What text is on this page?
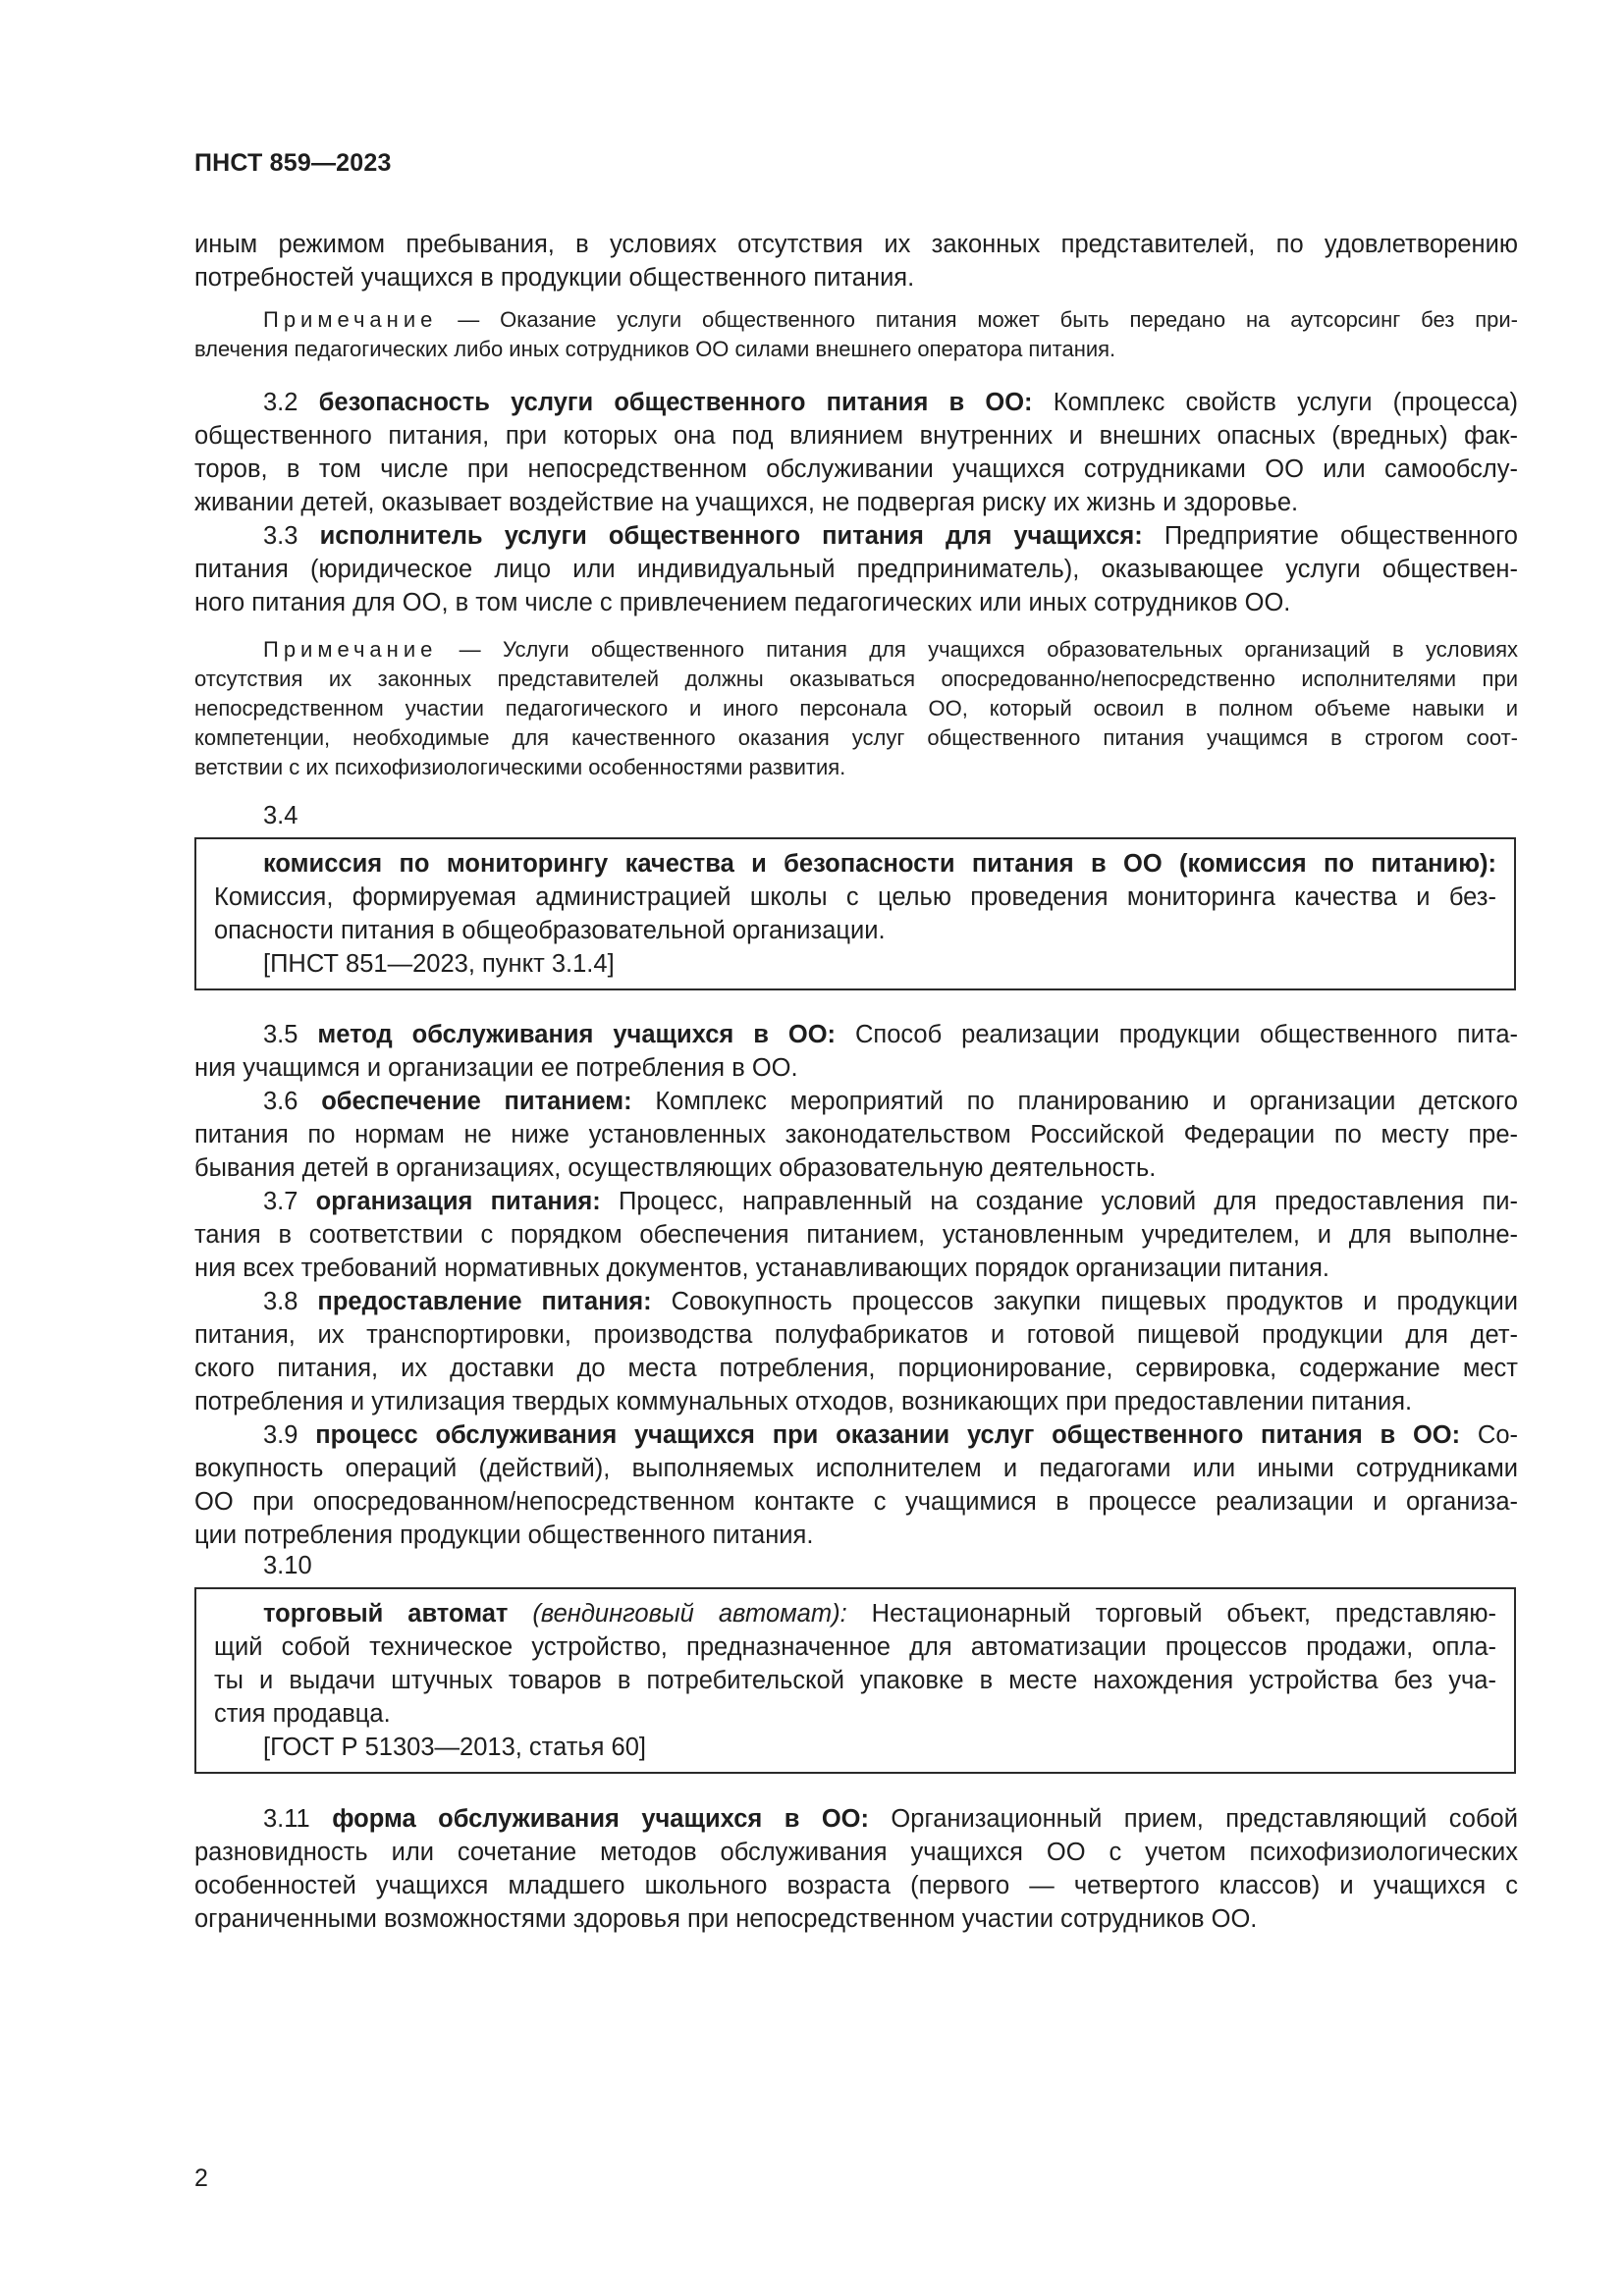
ПНСТ 859—2023
иным режимом пребывания, в условиях отсутствия их законных представителей, по удовлетворению
потребностей учащихся в продукции общественного питания.
Примечание — Оказание услуги общественного питания может быть передано на аутсорсинг без при-
влечения педагогических либо иных сотрудников ОО силами внешнего оператора питания.
3.2 безопасность услуги общественного питания в ОО: Комплекс свойств услуги (процесса)
общественного питания, при которых она под влиянием внутренних и внешних опасных (вредных) фак-
торов, в том числе при непосредственном обслуживании учащихся сотрудниками ОО или самообслу-
живании детей, оказывает воздействие на учащихся, не подвергая риску их жизнь и здоровье.
3.3 исполнитель услуги общественного питания для учащихся: Предприятие общественного
питания (юридическое лицо или индивидуальный предприниматель), оказывающее услуги обществен-
ного питания для ОО, в том числе с привлечением педагогических или иных сотрудников ОО.
Примечание — Услуги общественного питания для учащихся образовательных организаций в условиях
отсутствия их законных представителей должны оказываться опосредованно/непосредственно исполнителями при
непосредственном участии педагогического и иного персонала ОО, который освоил в полном объеме навыки и
компетенции, необходимые для качественного оказания услуг общественного питания учащимся в строгом соот-
ветствии с их психофизиологическими особенностями развития.
3.4
комиссия по мониторингу качества и безопасности питания в ОО (комиссия по питанию):
Комиссия, формируемая администрацией школы с целью проведения мониторинга качества и без-
опасности питания в общеобразовательной организации.
[ПНСТ 851—2023, пункт 3.1.4]
3.5 метод обслуживания учащихся в ОО: Способ реализации продукции общественного пита-
ния учащимся и организации ее потребления в ОО.
3.6 обеспечение питанием: Комплекс мероприятий по планированию и организации детского
питания по нормам не ниже установленных законодательством Российской Федерации по месту пре-
бывания детей в организациях, осуществляющих образовательную деятельность.
3.7 организация питания: Процесс, направленный на создание условий для предоставления пи-
тания в соответствии с порядком обеспечения питанием, установленным учредителем, и для выполне-
ния всех требований нормативных документов, устанавливающих порядок организации питания.
3.8 предоставление питания: Совокупность процессов закупки пищевых продуктов и продукции
питания, их транспортировки, производства полуфабрикатов и готовой пищевой продукции для дет-
ского питания, их доставки до места потребления, порционирование, сервировка, содержание мест
потребления и утилизация твердых коммунальных отходов, возникающих при предоставлении питания.
3.9 процесс обслуживания учащихся при оказании услуг общественного питания в ОО: Со-
вокупность операций (действий), выполняемых исполнителем и педагогами или иными сотрудниками
ОО при опосредованном/непосредственном контакте с учащимися в процессе реализации и организа-
ции потребления продукции общественного питания.
3.10
торговый автомат (вендинговый автомат): Нестационарный торговый объект, представляю-
щий собой техническое устройство, предназначенное для автоматизации процессов продажи, опла-
ты и выдачи штучных товаров в потребительской упаковке в месте нахождения устройства без уча-
стия продавца.
[ГОСТ Р 51303—2013, статья 60]
3.11 форма обслуживания учащихся в ОО: Организационный прием, представляющий собой
разновидность или сочетание методов обслуживания учащихся ОО с учетом психофизиологических
особенностей учащихся младшего школьного возраста (первого — четвертого классов) и учащихся с
ограниченными возможностями здоровья при непосредственном участии сотрудников ОО.
2
